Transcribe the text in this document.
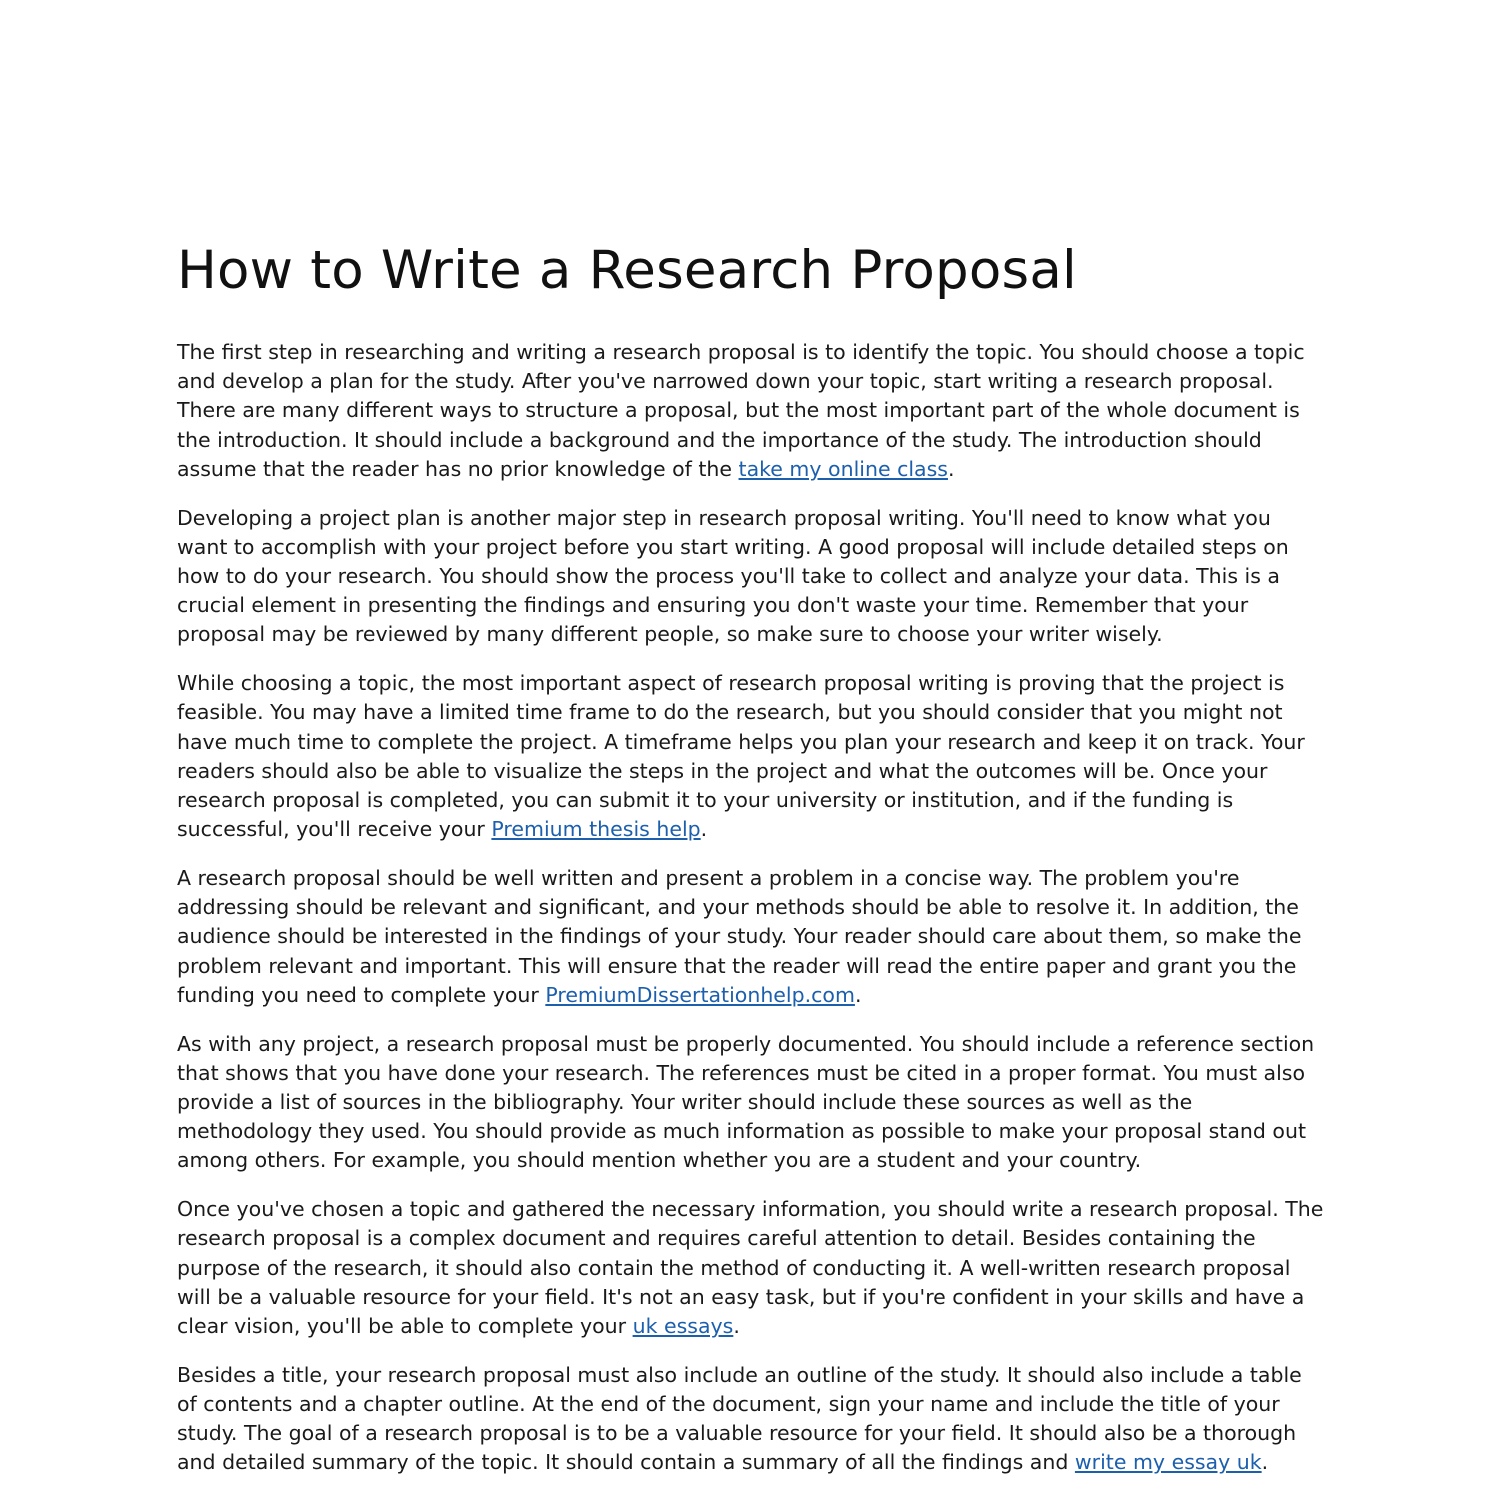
How to Write a Research Proposal

The first step in researching and writing a research proposal is to identify the topic. You should choose a topic and develop a plan for the study. After you've narrowed down your topic, start writing a research proposal. There are many different ways to structure a proposal, but the most important part of the whole document is the introduction. It should include a background and the importance of the study. The introduction should assume that the reader has no prior knowledge of the take my online class.

Developing a project plan is another major step in research proposal writing. You'll need to know what you want to accomplish with your project before you start writing. A good proposal will include detailed steps on how to do your research. You should show the process you'll take to collect and analyze your data. This is a crucial element in presenting the findings and ensuring you don't waste your time. Remember that your proposal may be reviewed by many different people, so make sure to choose your writer wisely.

While choosing a topic, the most important aspect of research proposal writing is proving that the project is feasible. You may have a limited time frame to do the research, but you should consider that you might not have much time to complete the project. A timeframe helps you plan your research and keep it on track. Your readers should also be able to visualize the steps in the project and what the outcomes will be. Once your research proposal is completed, you can submit it to your university or institution, and if the funding is successful, you'll receive your Premium thesis help.

A research proposal should be well written and present a problem in a concise way. The problem you're addressing should be relevant and significant, and your methods should be able to resolve it. In addition, the audience should be interested in the findings of your study. Your reader should care about them, so make the problem relevant and important. This will ensure that the reader will read the entire paper and grant you the funding you need to complete your PremiumDissertationhelp.com.

As with any project, a research proposal must be properly documented. You should include a reference section that shows that you have done your research. The references must be cited in a proper format. You must also provide a list of sources in the bibliography. Your writer should include these sources as well as the methodology they used. You should provide as much information as possible to make your proposal stand out among others. For example, you should mention whether you are a student and your country.

Once you've chosen a topic and gathered the necessary information, you should write a research proposal. The research proposal is a complex document and requires careful attention to detail. Besides containing the purpose of the research, it should also contain the method of conducting it. A well-written research proposal will be a valuable resource for your field. It's not an easy task, but if you're confident in your skills and have a clear vision, you'll be able to complete your uk essays.

Besides a title, your research proposal must also include an outline of the study. It should also include a table of contents and a chapter outline. At the end of the document, sign your name and include the title of your study. The goal of a research proposal is to be a valuable resource for your field. It should also be a thorough and detailed summary of the topic. It should contain a summary of all the findings and write my essay uk.
